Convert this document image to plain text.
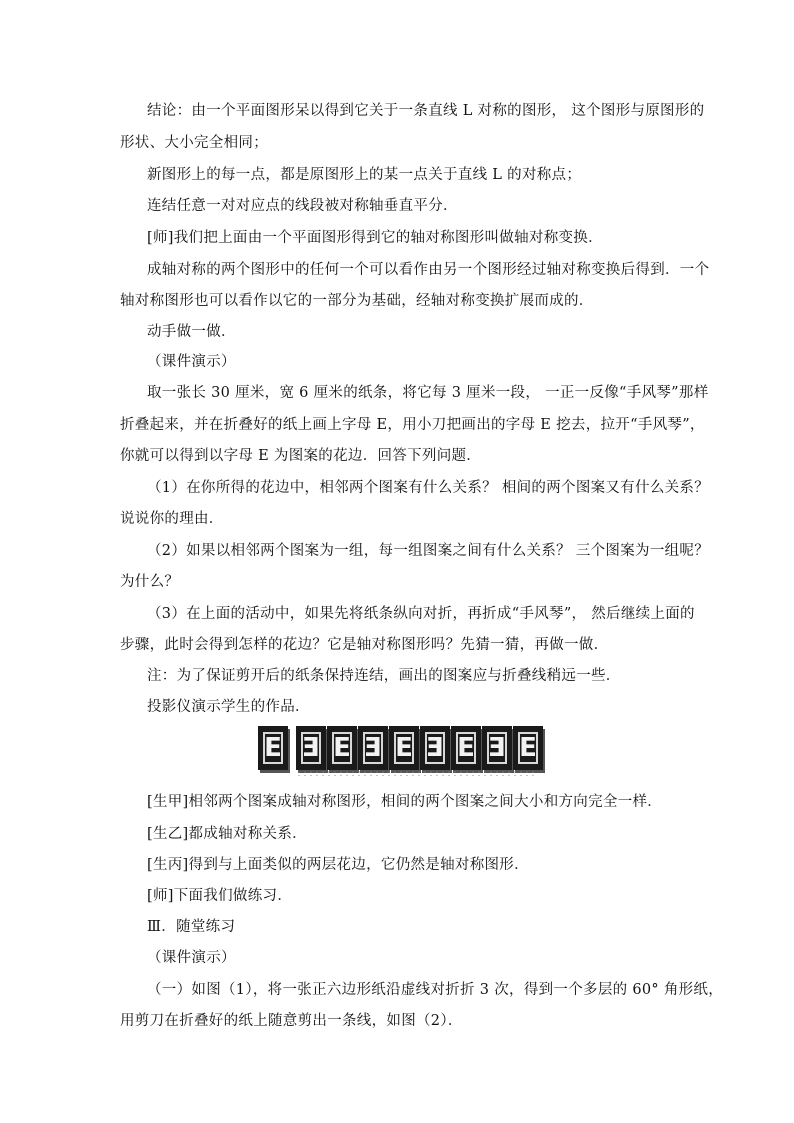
结论：由一个平面图形呆以得到它关于一条直线 L 对称的图形， 这个图形与原图形的
形状、大小完全相同；
新图形上的每一点，都是原图形上的某一点关于直线 L 的对称点；
连结任意一对对应点的线段被对称轴垂直平分．
[师]我们把上面由一个平面图形得到它的轴对称图形叫做轴对称变换．
成轴对称的两个图形中的任何一个可以看作由另一个图形经过轴对称变换后得到．一个
轴对称图形也可以看作以它的一部分为基础，经轴对称变换扩展而成的．
动手做一做．
（课件演示）
取一张长 30 厘米，宽 6 厘米的纸条，将它每 3 厘米一段， 一正一反像“手风琴”那样
折叠起来，并在折叠好的纸上画上字母 E，用小刀把画出的字母 E 挖去，拉开“手风琴”，
你就可以得到以字母 E 为图案的花边．回答下列问题．
（1）在你所得的花边中，相邻两个图案有什么关系？ 相间的两个图案又有什么关系？
说说你的理由．
（2）如果以相邻两个图案为一组，每一组图案之间有什么关系？ 三个图案为一组呢？
为什么？
（3）在上面的活动中，如果先将纸条纵向对折，再折成“手风琴”， 然后继续上面的
步骤，此时会得到怎样的花边？它是轴对称图形吗？先猜一猜，再做一做．
注：为了保证剪开后的纸条保持连结，画出的图案应与折叠线稍远一些．
投影仪演示学生的作品．
E E E E E E E E E
[生甲]相邻两个图案成轴对称图形，相间的两个图案之间大小和方向完全一样．
[生乙]都成轴对称关系．
[生丙]得到与上面类似的两层花边，它仍然是轴对称图形．
[师]下面我们做练习．
Ⅲ．随堂练习
（课件演示）
（一）如图（1），将一张正六边形纸沿虚线对折折 3 次，得到一个多层的 60° 角形纸，
用剪刀在折叠好的纸上随意剪出一条线，如图（2）．
